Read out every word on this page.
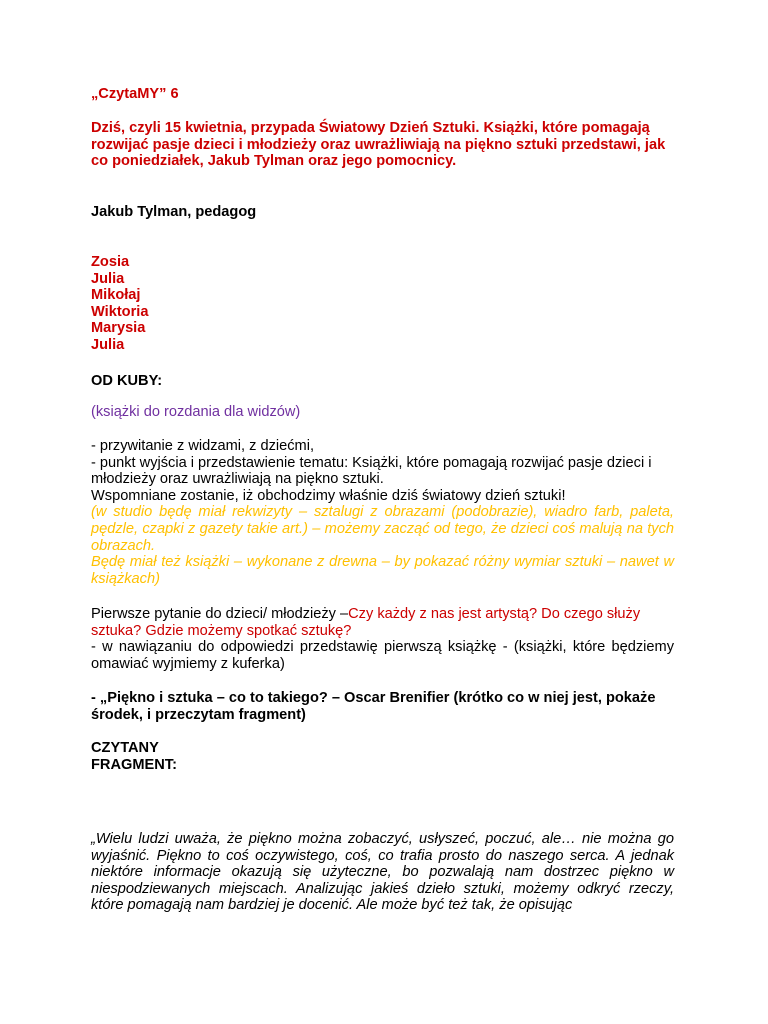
„CzytaMY” 6

Dziś, czyli 15 kwietnia, przypada Światowy Dzień Sztuki. Książki, które pomagają rozwijać pasje dzieci i młodzieży oraz uwrażliwiają na piękno sztuki przedstawi, jak co poniedziałek, Jakub Tylman oraz jego pomocnicy.

Jakub Tylman, pedagog

Zosia
Julia
Mikołaj
Wiktoria
Marysia
Julia

OD KUBY:

(książki do rozdania dla widzów)

- przywitanie z widzami, z dziećmi,
- punkt wyjścia i przedstawienie tematu: Książki, które pomagają rozwijać pasje dzieci i młodzieży oraz uwrażliwiają na piękno sztuki.
Wspomniane zostanie, iż obchodzimy właśnie dziś światowy dzień sztuki!
(w studio będę miał rekwizyty – sztalugi z obrazami (podobrazie), wiadro farb, paleta, pędzle, czapki z gazety takie art.) – możemy zacząć od tego, że dzieci coś malują na tych obrazach.
Będę miał też książki – wykonane z drewna – by pokazać różny wymiar sztuki – nawet w książkach)
Pierwsze pytanie do dzieci/ młodzieży –Czy każdy z nas jest artystą? Do czego służy sztuka? Gdzie możemy spotkać sztukę?
- w nawiązaniu do odpowiedzi przedstawię pierwszą książkę - (książki, które będziemy omawiać wyjmiemy z kuferka)

- „Piękno i sztuka – co to takiego? – Oscar Brenifier (krótko co w niej jest, pokaże środek, i przeczytam fragment)

CZYTANY
FRAGMENT:

„Wielu ludzi uważa, że piękno można zobaczyć, usłyszeć, poczuć, ale… nie można go wyjaśnić. Piękno to coś oczywistego, coś, co trafia prosto do naszego serca. A jednak niektóre informacje okazują się użyteczne, bo pozwalają nam dostrzec piękno w niespodziewanych miejscach. Analizując jakieś dzieło sztuki, możemy odkryć rzeczy, które pomagają nam bardziej je docenić. Ale może być też tak, że opisując
